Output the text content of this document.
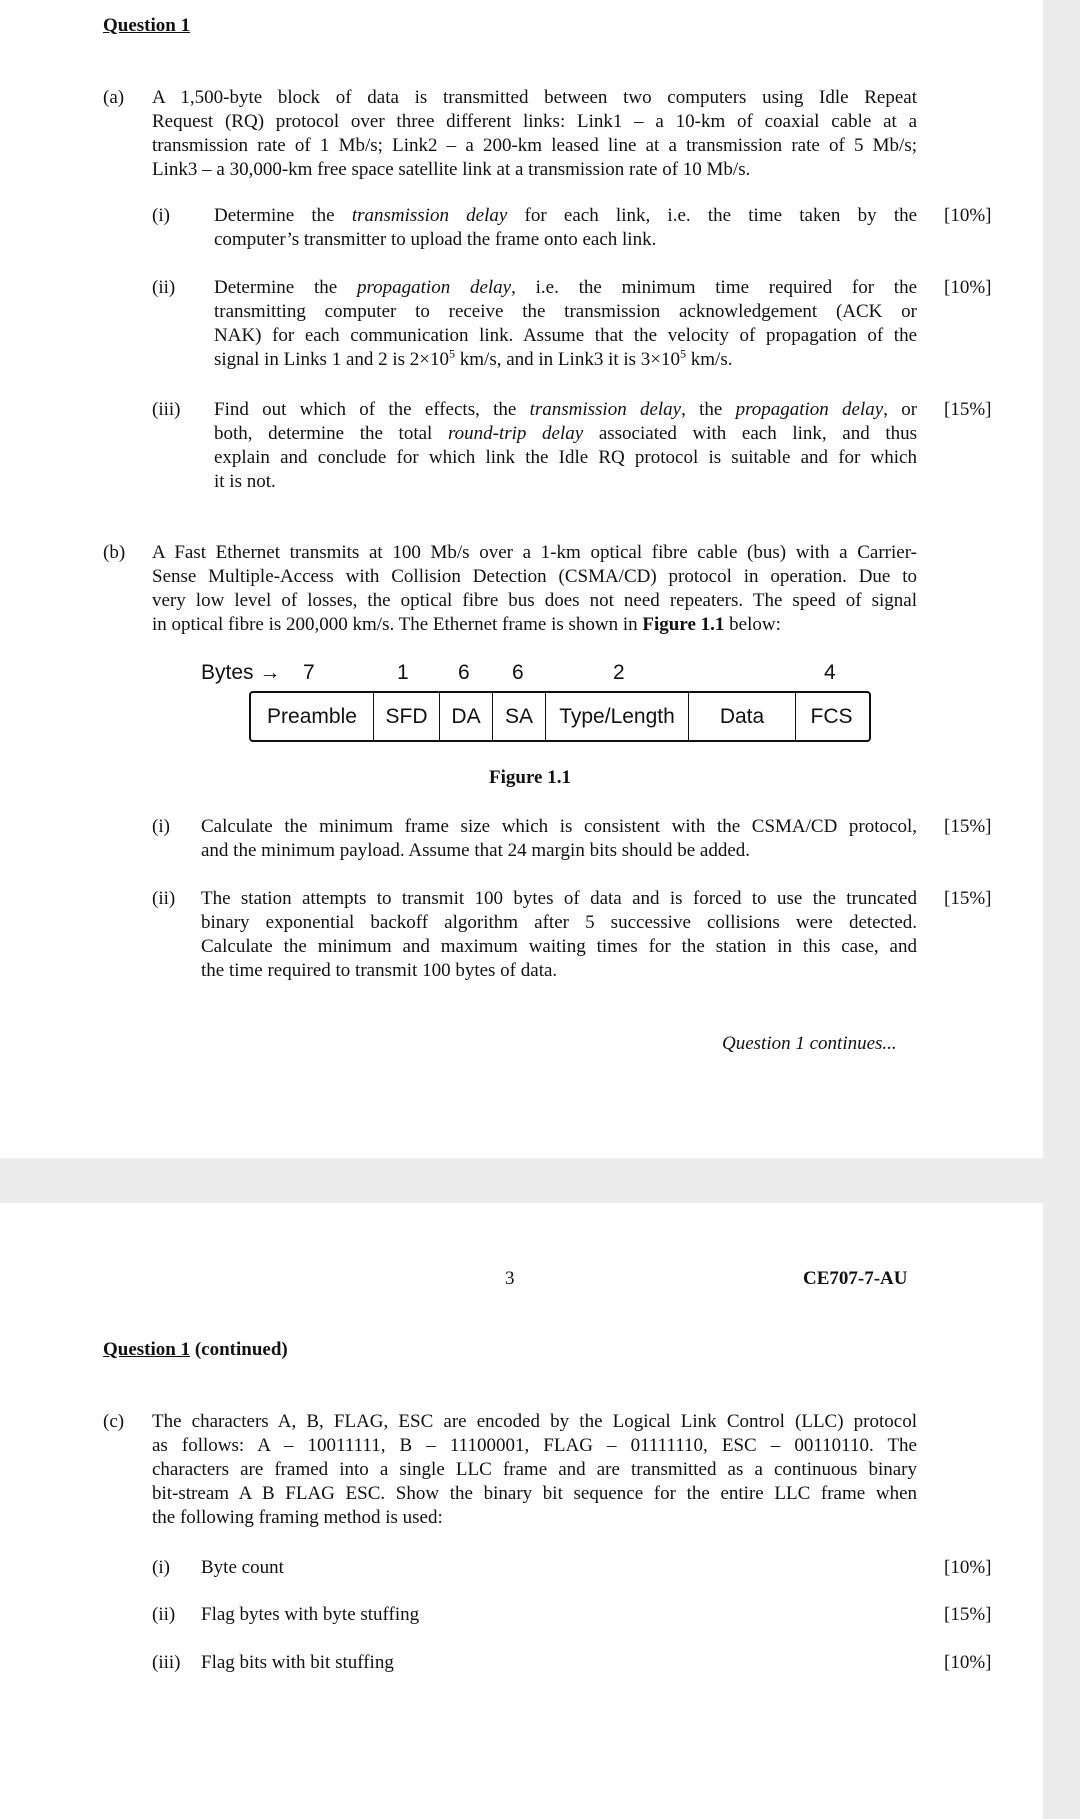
Question 1
(a) A 1,500-byte block of data is transmitted between two computers using Idle Repeat
Request (RQ) protocol over three different links: Link1 – a 10-km of coaxial cable at a
transmission rate of 1 Mb/s; Link2 – a 200-km leased line at a transmission rate of 5 Mb/s;
Link3 – a 30,000-km free space satellite link at a transmission rate of 10 Mb/s.
(i) Determine the transmission delay for each link, i.e. the time taken by the
computer’s transmitter to upload the frame onto each link.
[10%]
(ii) Determine the propagation delay, i.e. the minimum time required for the
transmitting computer to receive the transmission acknowledgement (ACK or
NAK) for each communication link. Assume that the velocity of propagation of the
signal in Links 1 and 2 is $2\times 10^5$ km/s, and in Link3 it is $3\times 10^5$ km/s.
[10%]
(iii) Find out which of the effects, the transmission delay, the propagation delay, or
both, determine the total round-trip delay associated with each link, and thus
explain and conclude for which link the Idle RQ protocol is suitable and for which
it is not.
[15%]
(b) A Fast Ethernet transmits at 100 Mb/s over a 1-km optical fibre cable (bus) with a Carrier-
Sense Multiple-Access with Collision Detection (CSMA/CD) protocol in operation. Due to
very low level of losses, the optical fibre bus does not need repeaters. The speed of signal
in optical fibre is 200,000 km/s. The Ethernet frame is shown in Figure 1.1 below:
Bytes → 7	1 6 6	2	4
Preamble	SFD	DA	SA	Type/Length	Data	FCS
Figure 1.1
(i) Calculate the minimum frame size which is consistent with the CSMA/CD protocol,
and the minimum payload. Assume that 24 margin bits should be added.
[15%]
(ii) The station attempts to transmit 100 bytes of data and is forced to use the truncated
binary exponential backoff algorithm after 5 successive collisions were detected.
Calculate the minimum and maximum waiting times for the station in this case, and
the time required to transmit 100 bytes of data.
[15%]
Question 1 continues...
3	CE707-7-AU
Question 1 (continued)
(c) The characters A, B, FLAG, ESC are encoded by the Logical Link Control (LLC) protocol
as follows: A – 10011111, B – 11100001, FLAG – 01111110, ESC – 00110110. The
characters are framed into a single LLC frame and are transmitted as a continuous binary
bit-stream A B FLAG ESC. Show the binary bit sequence for the entire LLC frame when
the following framing method is used:
(i) Byte count	[10%]
(ii) Flag bytes with byte stuffing	[15%]
(iii) Flag bits with bit stuffing	[10%]
